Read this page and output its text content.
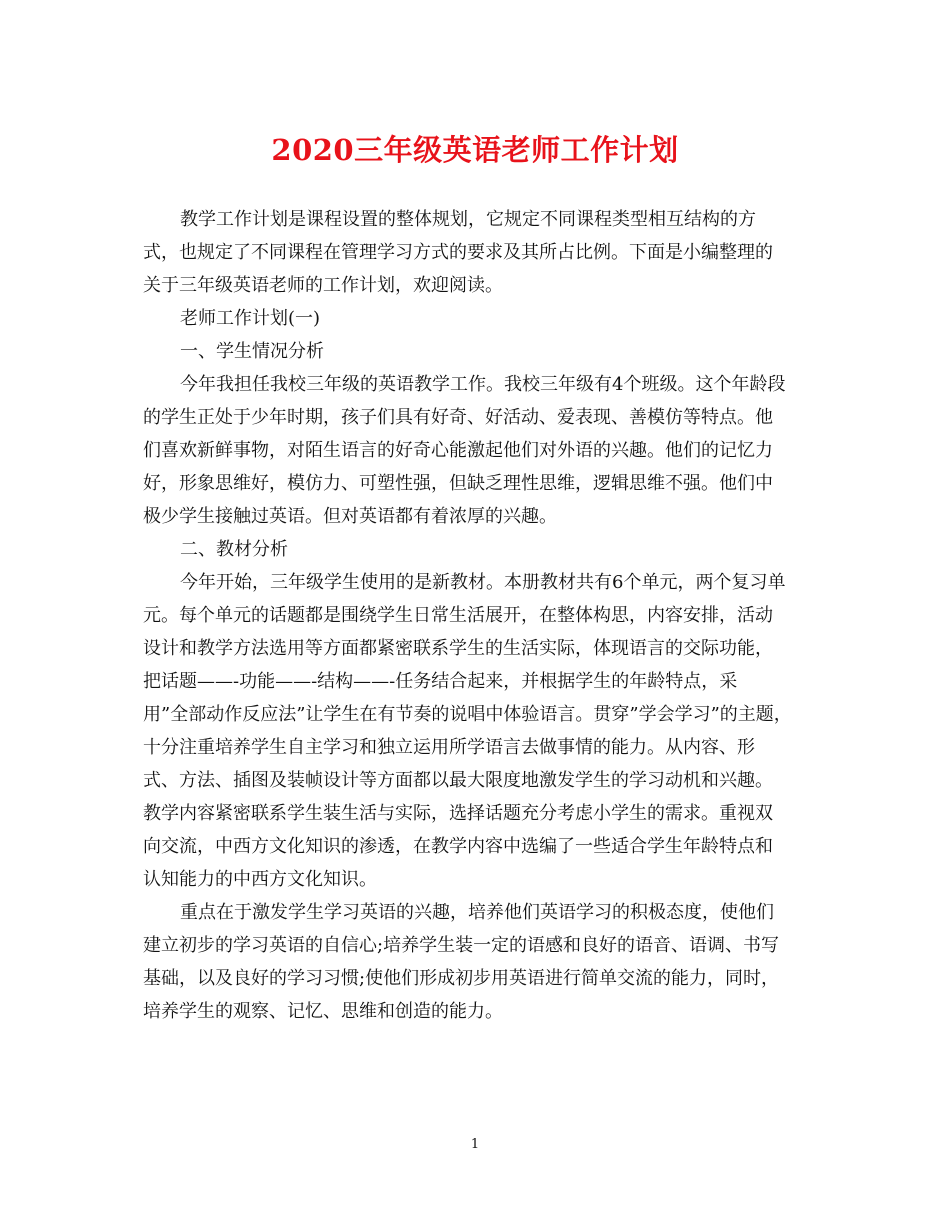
2020三年级英语老师工作计划
教学工作计划是课程设置的整体规划，它规定不同课程类型相互结构的方
式，也规定了不同课程在管理学习方式的要求及其所占比例。下面是小编整理的
关于三年级英语老师的工作计划，欢迎阅读。
老师工作计划(一)
一、学生情况分析
今年我担任我校三年级的英语教学工作。我校三年级有4个班级。这个年龄段
的学生正处于少年时期，孩子们具有好奇、好活动、爱表现、善模仿等特点。他
们喜欢新鲜事物，对陌生语言的好奇心能激起他们对外语的兴趣。他们的记忆力
好，形象思维好，模仿力、可塑性强，但缺乏理性思维，逻辑思维不强。他们中
极少学生接触过英语。但对英语都有着浓厚的兴趣。
二、教材分析
今年开始，三年级学生使用的是新教材。本册教材共有6个单元，两个复习单
元。每个单元的话题都是围绕学生日常生活展开，在整体构思，内容安排，活动
设计和教学方法选用等方面都紧密联系学生的生活实际，体现语言的交际功能，
把话题——-功能——-结构——-任务结合起来，并根据学生的年龄特点，采
用”全部动作反应法”让学生在有节奏的说唱中体验语言。贯穿”学会学习”的主题，
十分注重培养学生自主学习和独立运用所学语言去做事情的能力。从内容、形
式、方法、插图及装帧设计等方面都以最大限度地激发学生的学习动机和兴趣。
教学内容紧密联系学生装生活与实际，选择话题充分考虑小学生的需求。重视双
向交流，中西方文化知识的渗透，在教学内容中选编了一些适合学生年龄特点和
认知能力的中西方文化知识。
重点在于激发学生学习英语的兴趣，培养他们英语学习的积极态度，使他们
建立初步的学习英语的自信心;培养学生装一定的语感和良好的语音、语调、书写
基础，以及良好的学习习惯;使他们形成初步用英语进行简单交流的能力，同时，
培养学生的观察、记忆、思维和创造的能力。
1
